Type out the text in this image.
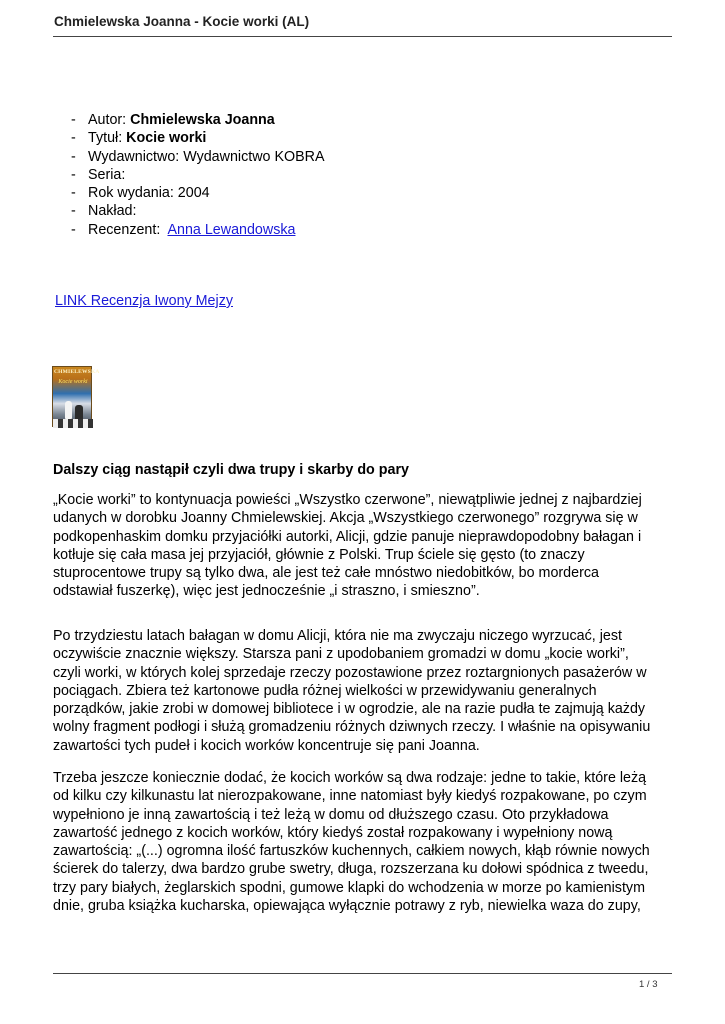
Chmielewska Joanna - Kocie worki (AL)
- Autor: Chmielewska Joanna
- Tytuł: Kocie worki
- Wydawnictwo: Wydawnictwo KOBRA
- Seria:
- Rok wydania: 2004
- Nakład:
- Recenzent:  Anna Lewandowska
LINK Recenzja Iwony Mejzy
CHMIELEWSKA
Kocie worki
Dalszy ciąg nastąpił czyli dwa trupy i skarby do pary
„Kocie worki” to kontynuacja powieści „Wszystko czerwone”, niewątpliwie jednej z najbardziej
udanych w dorobku Joanny Chmielewskiej. Akcja „Wszystkiego czerwonego” rozgrywa się w
podkopenhaskim domku przyjaciółki autorki, Alicji, gdzie panuje nieprawdopodobny bałagan i
kotłuje się cała masa jej przyjaciół, głównie z Polski. Trup ściele się gęsto (to znaczy
stuprocentowe trupy są tylko dwa, ale jest też całe mnóstwo niedobitków, bo morderca
odstawiał fuszerkę), więc jest jednocześnie „i straszno, i smieszno”.
Po trzydziestu latach bałagan w domu Alicji, która nie ma zwyczaju niczego wyrzucać, jest
oczywiście znacznie większy. Starsza pani z upodobaniem gromadzi w domu „kocie worki”,
czyli worki, w których kolej sprzedaje rzeczy pozostawione przez roztargnionych pasażerów w
pociągach. Zbiera też kartonowe pudła różnej wielkości w przewidywaniu generalnych
porządków, jakie zrobi w domowej bibliotece i w ogrodzie, ale na razie pudła te zajmują każdy
wolny fragment podłogi i służą gromadzeniu różnych dziwnych rzeczy. I właśnie na opisywaniu
zawartości tych pudeł i kocich worków koncentruje się pani Joanna.
Trzeba jeszcze koniecznie dodać, że kocich worków są dwa rodzaje: jedne to takie, które leżą
od kilku czy kilkunastu lat nierozpakowane, inne natomiast były kiedyś rozpakowane, po czym
wypełniono je inną zawartością i też leżą w domu od dłuższego czasu. Oto przykładowa
zawartość jednego z kocich worków, który kiedyś został rozpakowany i wypełniony nową
zawartością: „(...) ogromna ilość fartuszków kuchennych, całkiem nowych, kłąb równie nowych
ścierek do talerzy, dwa bardzo grube swetry, długa, rozszerzana ku dołowi spódnica z tweedu,
trzy pary białych, żeglarskich spodni, gumowe klapki do wchodzenia w morze po kamienistym
dnie, gruba książka kucharska, opiewająca wyłącznie potrawy z ryb, niewielka waza do zupy,
1 / 3
